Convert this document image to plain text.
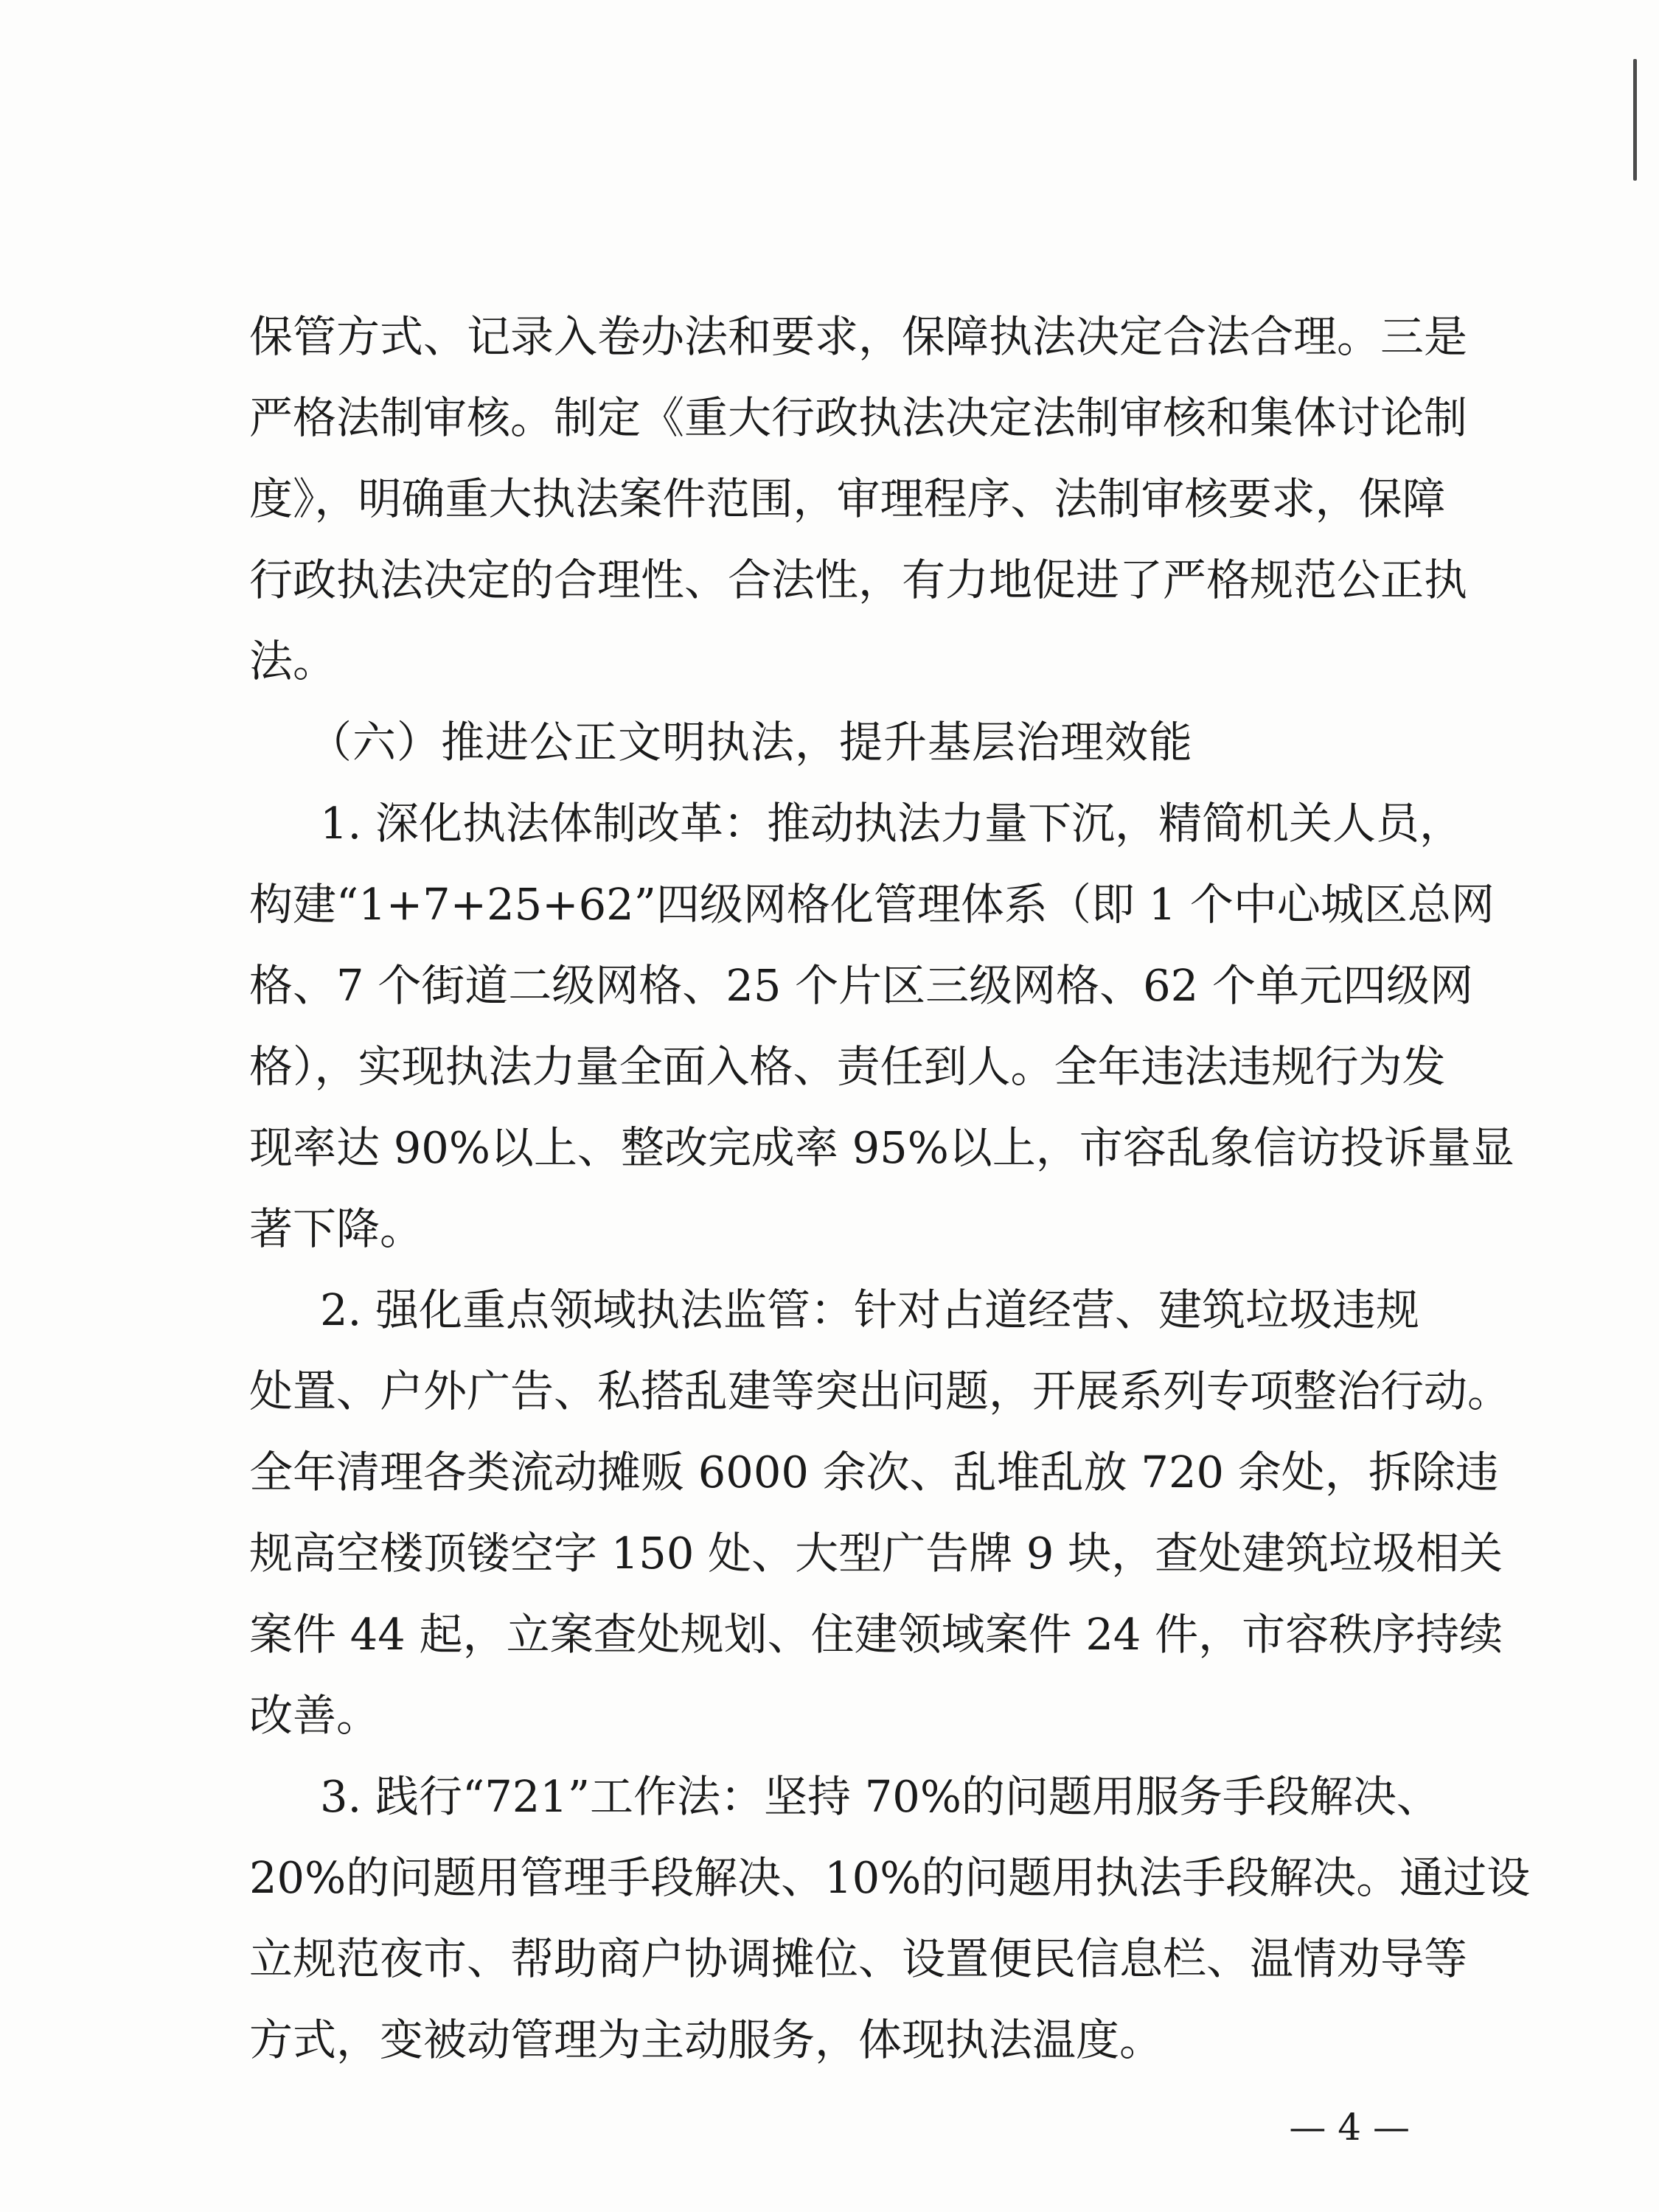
保管方式、记录入卷办法和要求，保障执法决定合法合理。三是
严格法制审核。制定《重大行政执法决定法制审核和集体讨论制
度》，明确重大执法案件范围，审理程序、法制审核要求，保障
行政执法决定的合理性、合法性，有力地促进了严格规范公正执
法。
（六）推进公正文明执法，提升基层治理效能
1. 深化执法体制改革：推动执法力量下沉，精简机关人员，
构建“1+7+25+62”四级网格化管理体系（即 1 个中心城区总网
格、7 个街道二级网格、25 个片区三级网格、62 个单元四级网
格），实现执法力量全面入格、责任到人。全年违法违规行为发
现率达 90%以上、整改完成率 95%以上，市容乱象信访投诉量显
著下降。
2. 强化重点领域执法监管：针对占道经营、建筑垃圾违规
处置、户外广告、私搭乱建等突出问题，开展系列专项整治行动。
全年清理各类流动摊贩 6000 余次、乱堆乱放 720 余处，拆除违
规高空楼顶镂空字 150 处、大型广告牌 9 块，查处建筑垃圾相关
案件 44 起，立案查处规划、住建领域案件 24 件，市容秩序持续
改善。
3. 践行“721”工作法：坚持 70%的问题用服务手段解决、
20%的问题用管理手段解决、10%的问题用执法手段解决。通过设
立规范夜市、帮助商户协调摊位、设置便民信息栏、温情劝导等
方式，变被动管理为主动服务，体现执法温度。
— 4 —
